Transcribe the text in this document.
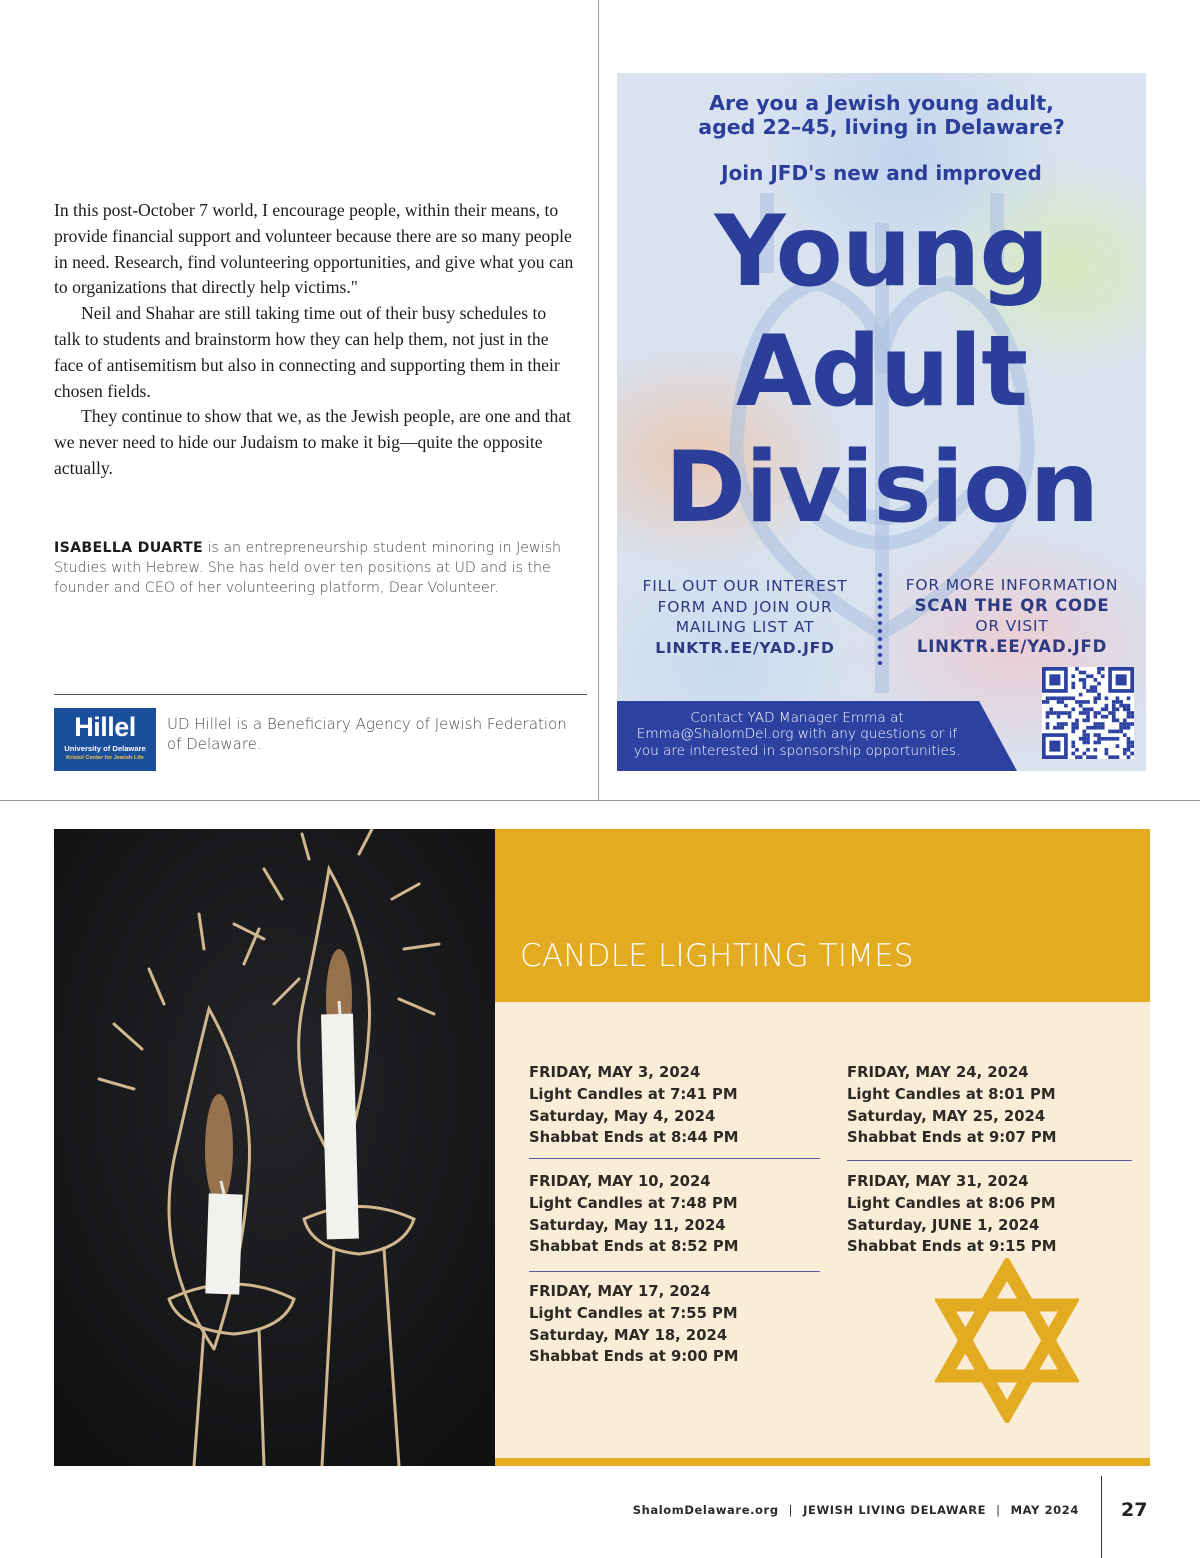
In this post-October 7 world, I encourage people, within their means, to provide financial support and volunteer because there are so many people in need. Research, find volunteering opportunities, and give what you can to organizations that directly help victims."

Neil and Shahar are still taking time out of their busy schedules to talk to students and brainstorm how they can help them, not just in the face of antisemitism but also in connecting and supporting them in their chosen fields.

They continue to show that we, as the Jewish people, are one and that we never need to hide our Judaism to make it big—quite the opposite actually.

ISABELLA DUARTE is an entrepreneurship student minoring in Jewish Studies with Hebrew. She has held over ten positions at UD and is the founder and CEO of her volunteering platform, Dear Volunteer.
Hillel
University of Delaware
Kristol Center for Jewish Life
UD Hillel is a Beneficiary Agency of Jewish Federation of Delaware.
Are you a Jewish young adult,
aged 22–45, living in Delaware?
Join JFD's new and improved
Young
Adult
Division
FILL OUT OUR INTEREST
FORM AND JOIN OUR
MAILING LIST AT
LINKTR.EE/YAD.JFD
FOR MORE INFORMATION
SCAN THE QR CODE
OR VISIT
LINKTR.EE/YAD.JFD
Contact YAD Manager Emma at
Emma@ShalomDel.org with any questions or if
you are interested in sponsorship opportunities.
CANDLE LIGHTING TIMES
FRIDAY, MAY 3, 2024
Light Candles at 7:41 PM
Saturday, May 4, 2024
Shabbat Ends at 8:44 PM
FRIDAY, MAY 10, 2024
Light Candles at 7:48 PM
Saturday, May 11, 2024
Shabbat Ends at 8:52 PM
FRIDAY, MAY 17, 2024
Light Candles at 7:55 PM
Saturday, MAY 18, 2024
Shabbat Ends at 9:00 PM
FRIDAY, MAY 24, 2024
Light Candles at 8:01 PM
Saturday, MAY 25, 2024
Shabbat Ends at 9:07 PM
FRIDAY, MAY 31, 2024
Light Candles at 8:06 PM
Saturday, JUNE 1, 2024
Shabbat Ends at 9:15 PM
ShalomDelaware.org | JEWISH LIVING DELAWARE | MAY 2024 27
